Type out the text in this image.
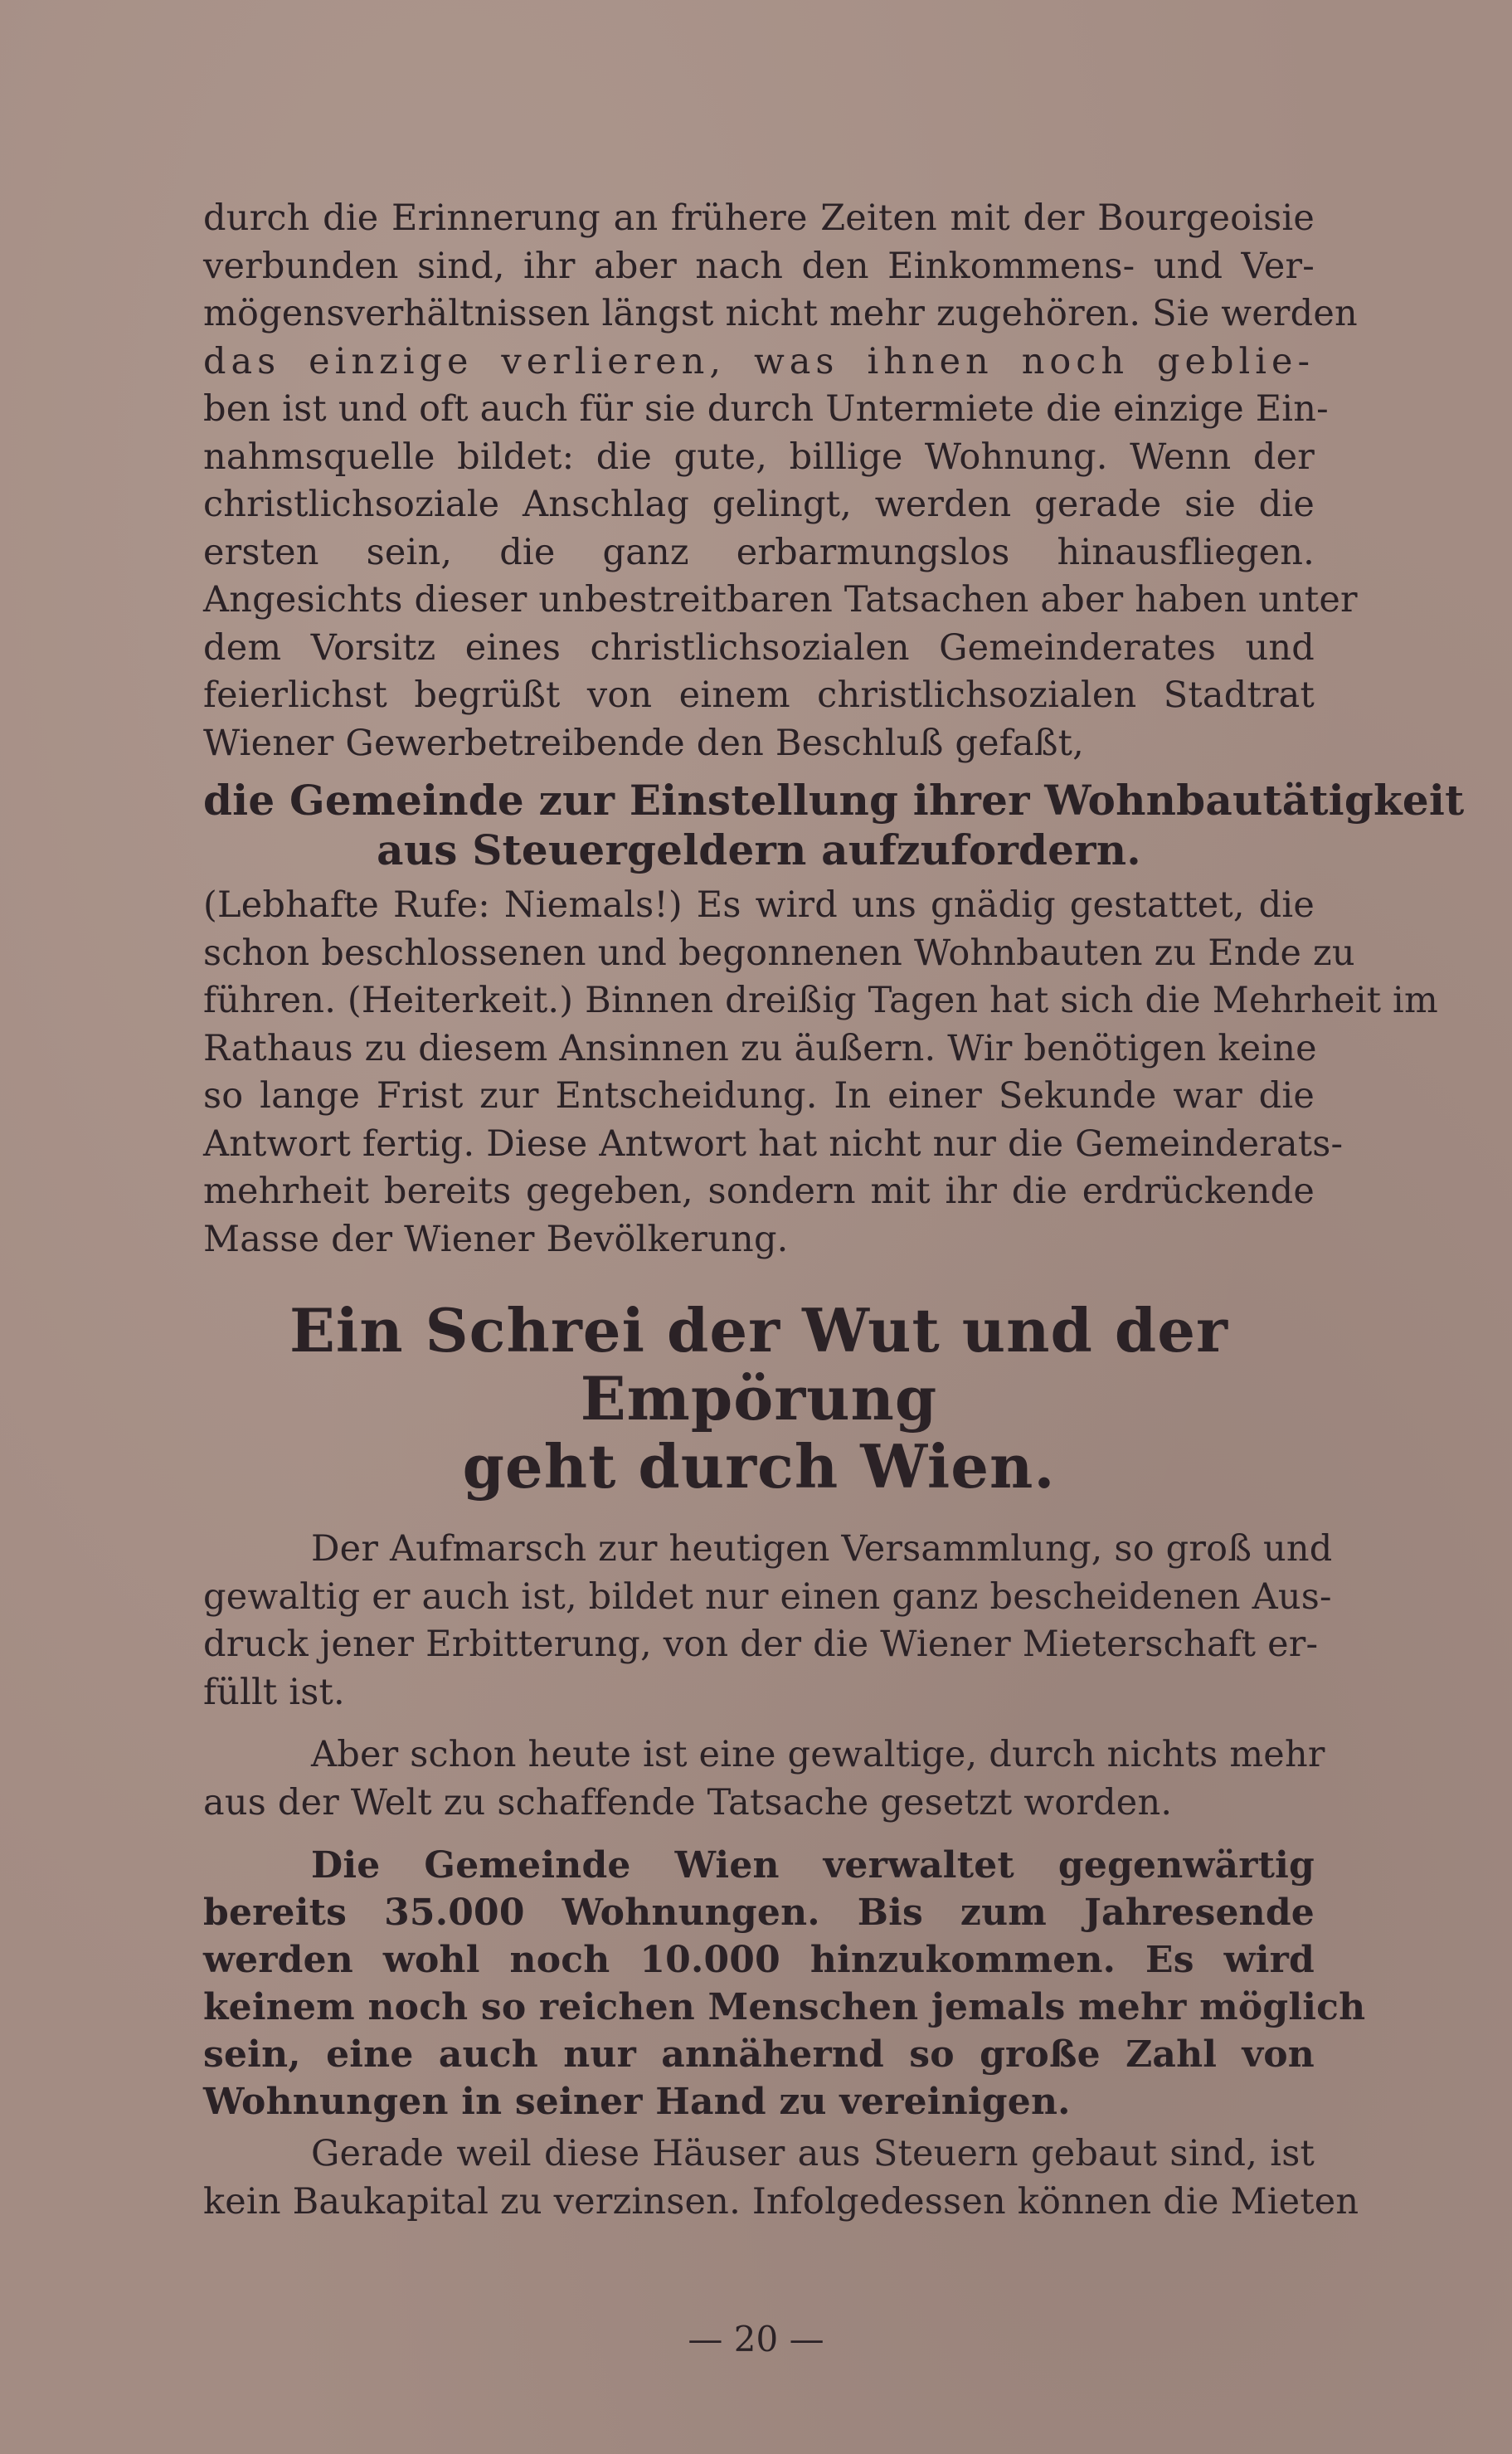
durch die Erinnerung an frühere Zeiten mit der Bourgeoisie
verbunden sind, ihr aber nach den Einkommens- und Ver-
mögensverhältnissen längst nicht mehr zugehören. Sie werden
das einzige verlieren, was ihnen noch geblie-
ben ist und oft auch für sie durch Untermiete die einzige Ein-
nahmsquelle bildet: die gute, billige Wohnung. Wenn der
christlichsoziale Anschlag gelingt, werden gerade sie die
ersten sein, die ganz erbarmungslos hinausfliegen.
Angesichts dieser unbestreitbaren Tatsachen aber haben unter
dem Vorsitz eines christlichsozialen Gemeinderates und
feierlichst begrüßt von einem christlichsozialen Stadtrat
Wiener Gewerbetreibende den Beschluß gefaßt,

die Gemeinde zur Einstellung ihrer Wohnbautätigkeit
aus Steuergeldern aufzufordern.

(Lebhafte Rufe: Niemals!) Es wird uns gnädig gestattet, die
schon beschlossenen und begonnenen Wohnbauten zu Ende zu
führen. (Heiterkeit.) Binnen dreißig Tagen hat sich die Mehrheit im
Rathaus zu diesem Ansinnen zu äußern. Wir benötigen keine
so lange Frist zur Entscheidung. In einer Sekunde war die
Antwort fertig. Diese Antwort hat nicht nur die Gemeinderats-
mehrheit bereits gegeben, sondern mit ihr die erdrückende
Masse der Wiener Bevölkerung.

Ein Schrei der Wut und der Empörung
geht durch Wien.

Der Aufmarsch zur heutigen Versammlung, so groß und
gewaltig er auch ist, bildet nur einen ganz bescheidenen Aus-
druck jener Erbitterung, von der die Wiener Mieterschaft er-
füllt ist.

Aber schon heute ist eine gewaltige, durch nichts mehr
aus der Welt zu schaffende Tatsache gesetzt worden.

Die Gemeinde Wien verwaltet gegenwärtig
bereits 35.000 Wohnungen. Bis zum Jahresende
werden wohl noch 10.000 hinzukommen. Es wird
keinem noch so reichen Menschen jemals mehr möglich
sein, eine auch nur annähernd so große Zahl von
Wohnungen in seiner Hand zu vereinigen.

Gerade weil diese Häuser aus Steuern gebaut sind, ist
kein Baukapital zu verzinsen. Infolgedessen können die Mieten

— 20 —
